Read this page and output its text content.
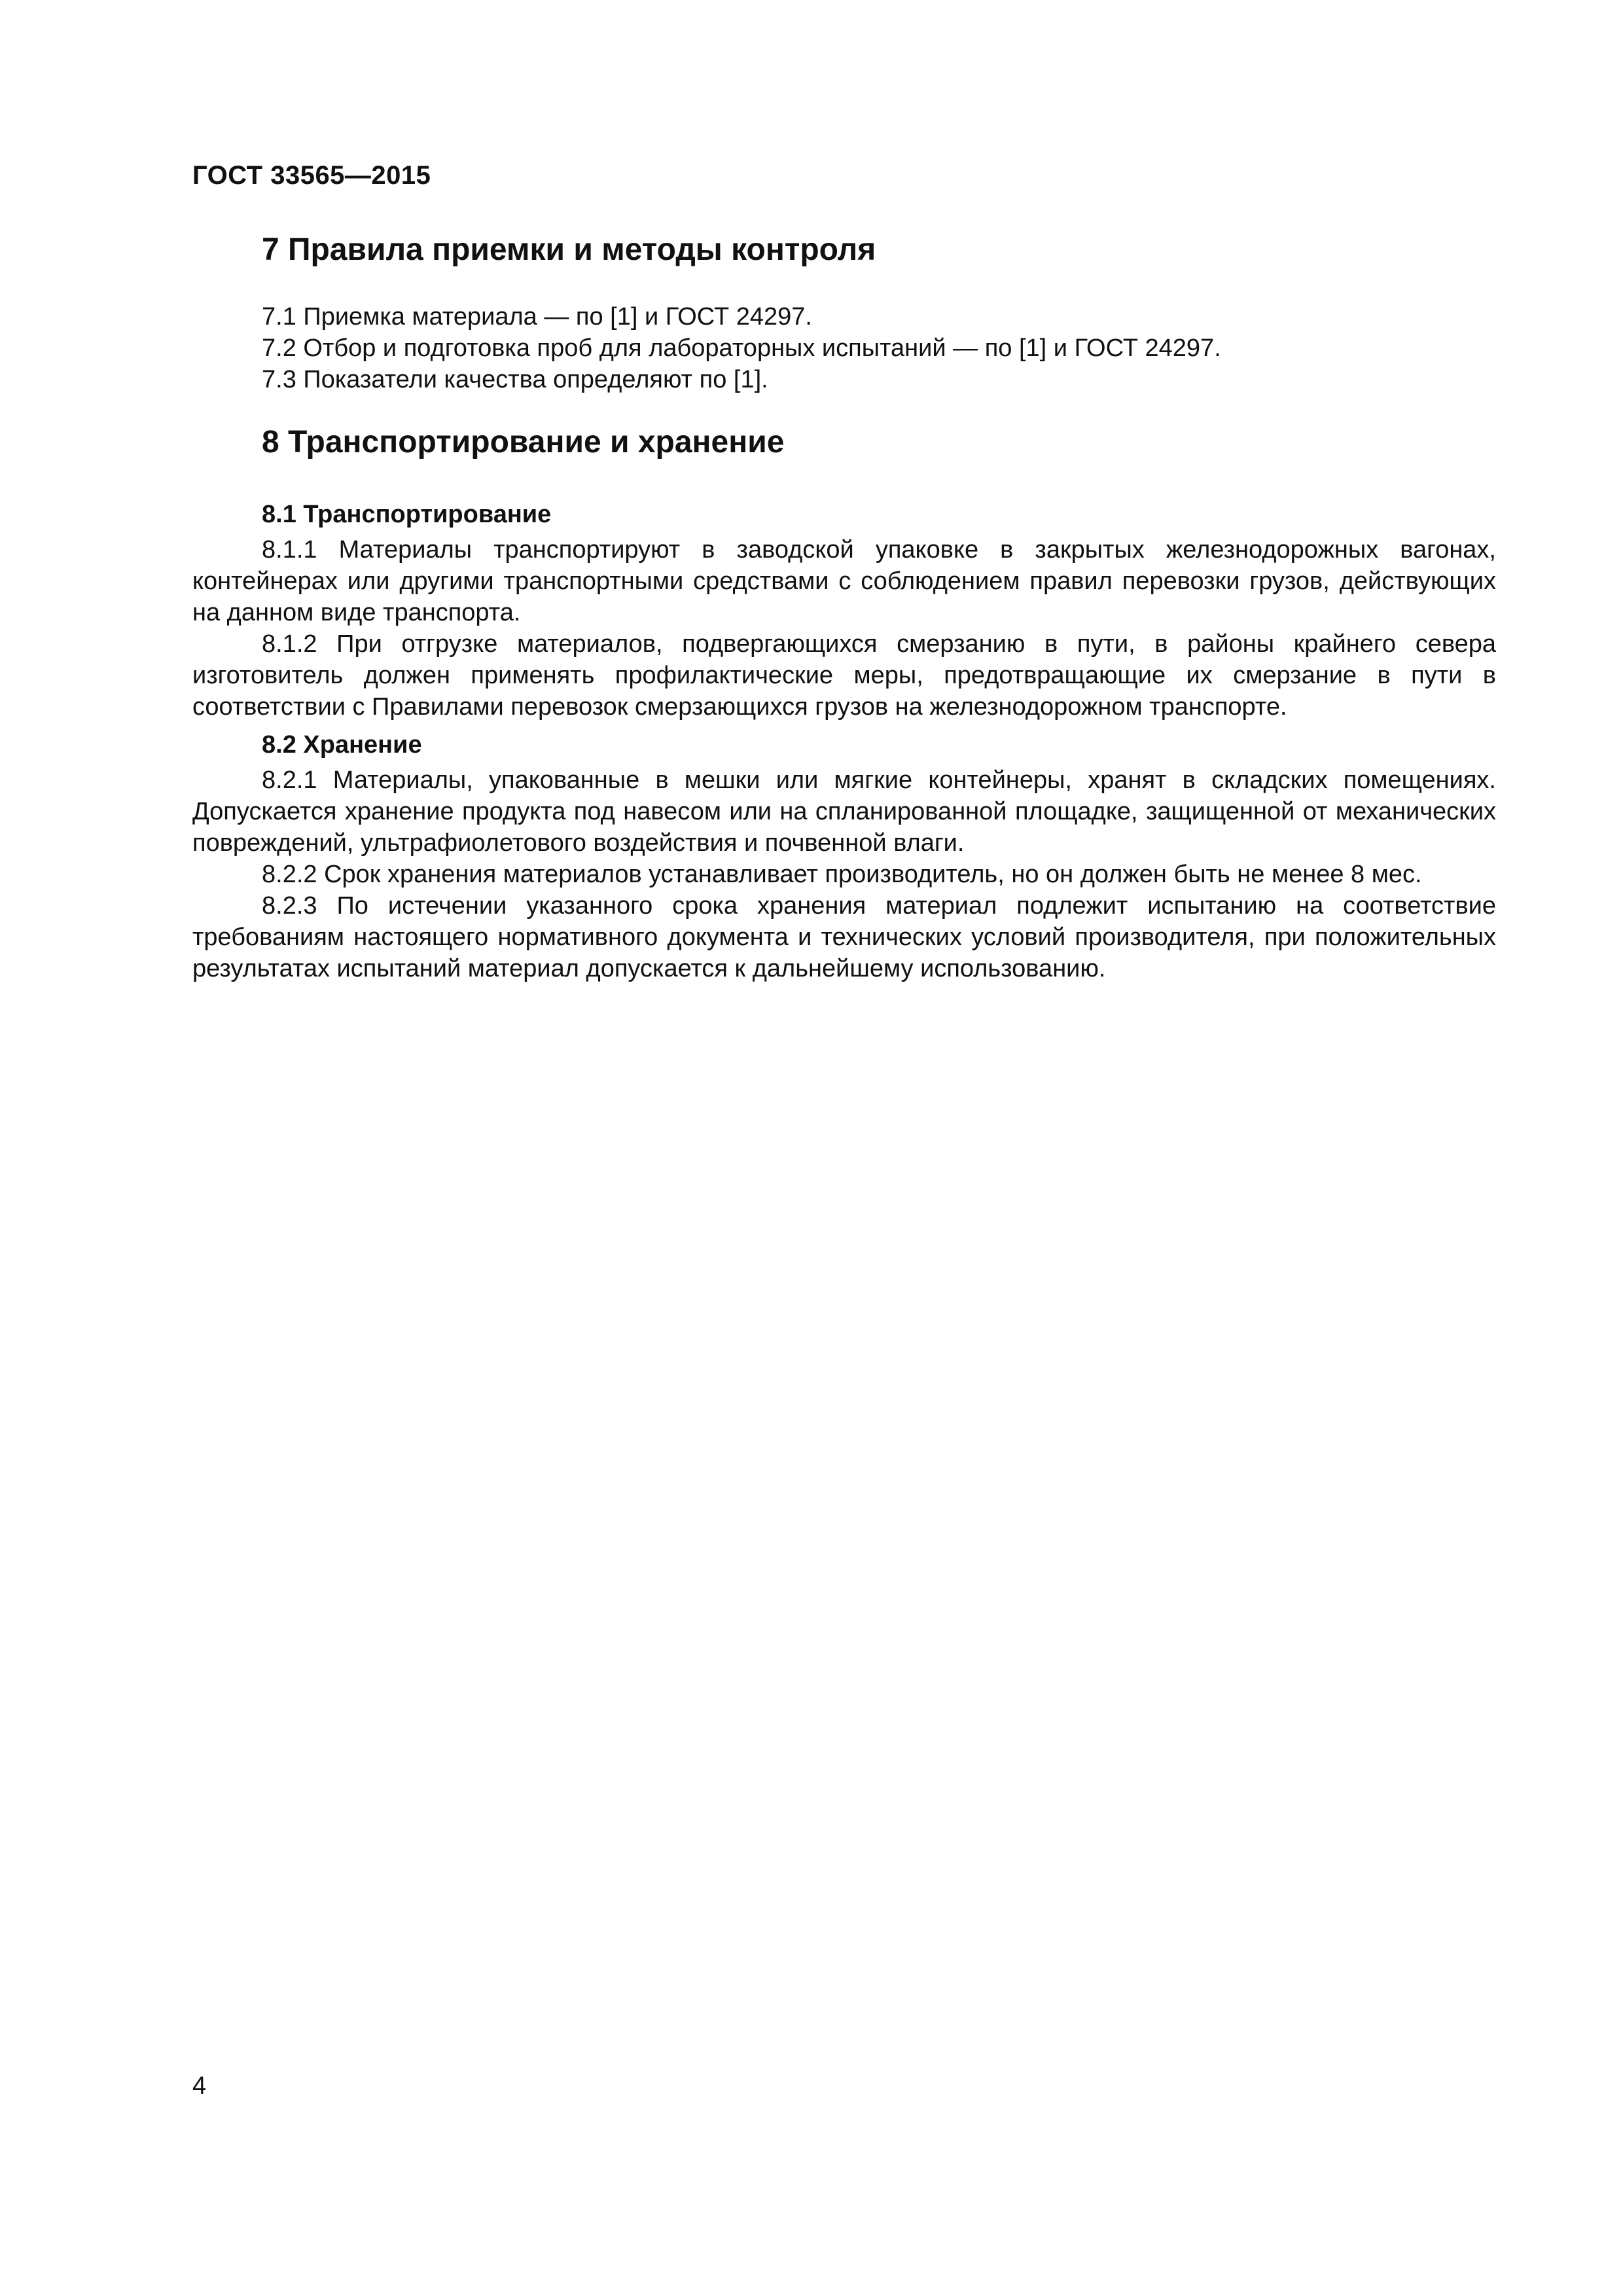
ГОСТ 33565—2015
7 Правила приемки и методы контроля

7.1 Приемка материала — по [1] и ГОСТ 24297.

7.2 Отбор и подготовка проб для лабораторных испытаний — по [1] и ГОСТ 24297.

7.3 Показатели качества определяют по [1].

8 Транспортирование и хранение
8.1 Транспортирование

8.1.1 Материалы транспортируют в заводской упаковке в закрытых железнодорожных вагонах, контейнерах или другими транспортными средствами с соблюдением правил перевозки грузов, действующих на данном виде транспорта.

8.1.2 При отгрузке материалов, подвергающихся смерзанию в пути, в районы крайнего севера изготовитель должен применять профилактические меры, предотвращающие их смерзание в пути в соответствии с Правилами перевозок смерзающихся грузов на железнодорожном транспорте.

8.2 Хранение

8.2.1 Материалы, упакованные в мешки или мягкие контейнеры, хранят в складских помещениях. Допускается хранение продукта под навесом или на спланированной площадке, защищенной от механических повреждений, ультрафиолетового воздействия и почвенной влаги.

8.2.2 Срок хранения материалов устанавливает производитель, но он должен быть не менее 8 мес.

8.2.3 По истечении указанного срока хранения материал подлежит испытанию на соответствие требованиям настоящего нормативного документа и технических условий производителя, при положительных результатах испытаний материал допускается к дальнейшему использованию.

4
